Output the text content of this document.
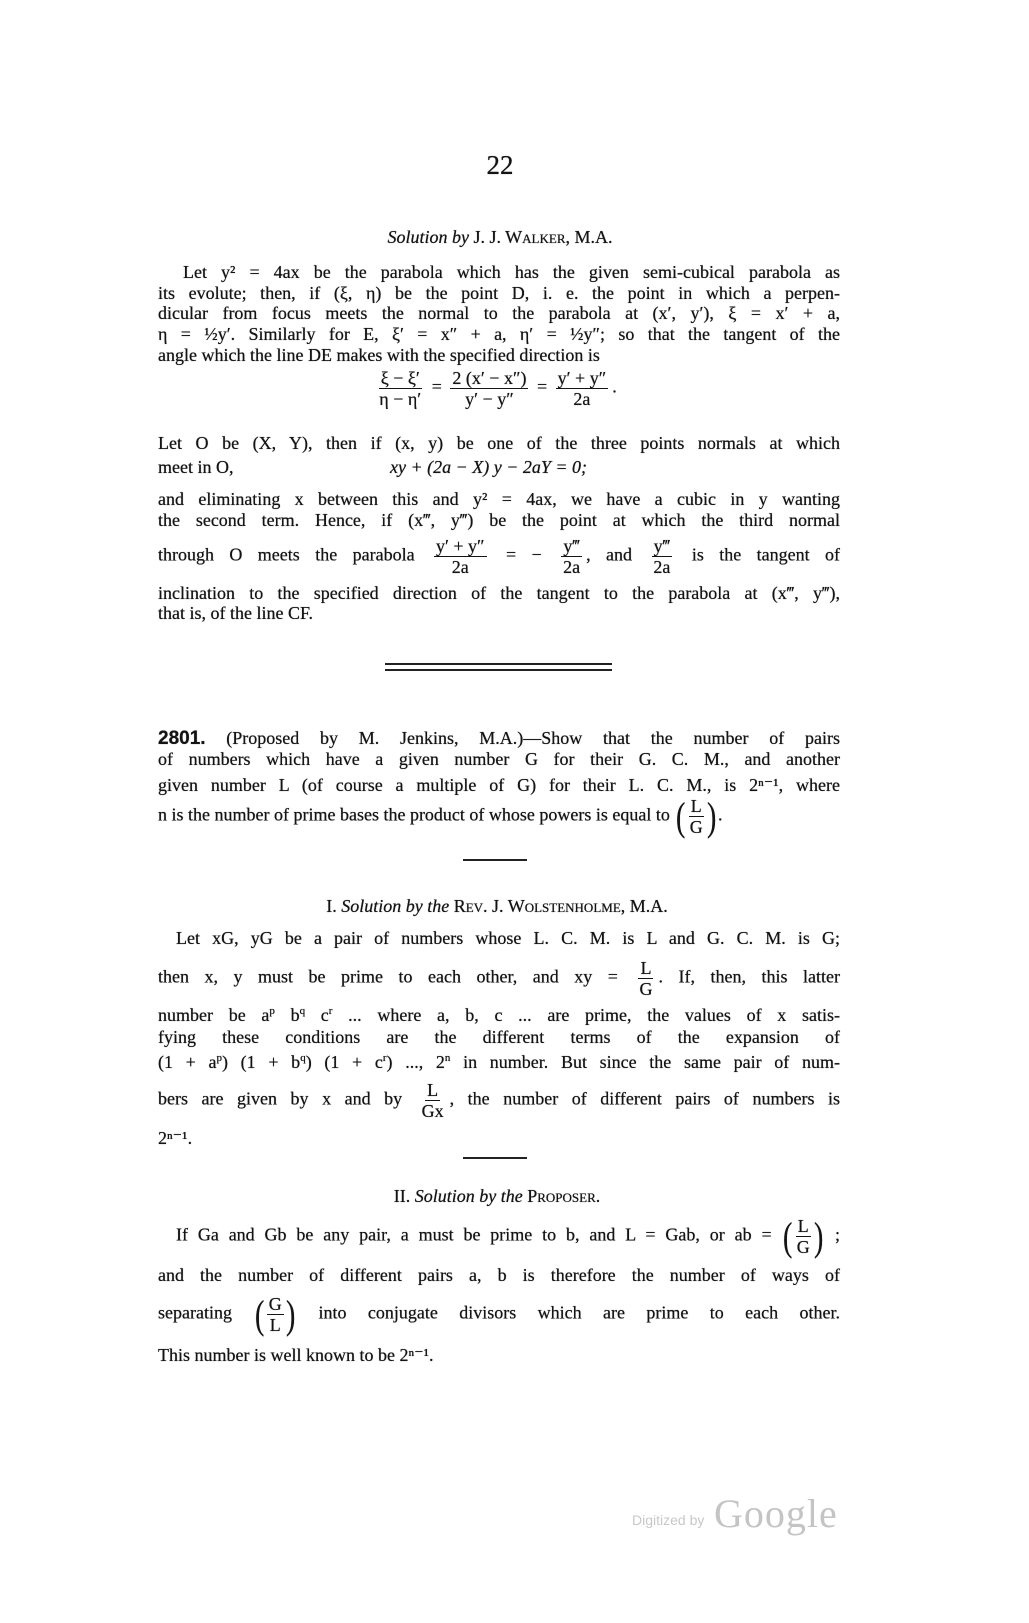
22
Solution by J. J. Walker, M.A.
Let y² = 4ax be the parabola which has the given semi-cubical parabola as
its evolute; then, if (ξ, η) be the point D, i. e. the point in which a perpen-
dicular from focus meets the normal to the parabola at (x′, y′), ξ = x′ + a,
η = ½y′. Similarly for E, ξ′ = x″ + a, η′ = ½y″; so that the tangent of the
angle which the line DE makes with the specified direction is
$\frac{\xi - \xi'}{\eta - \eta'} = \frac{2 (x' - x'')}{y' - y''} = \frac{y' + y''}{2a}$ .
Let O be (X, Y), then if (x, y) be one of the three points normals at which
meet in O,	xy + (2a − X) y − 2aY = 0;
and eliminating x between this and y² = 4ax, we have a cubic in y wanting
the second term. Hence, if (x‴, y‴) be the point at which the third normal
through O meets the parabola $\frac{y' + y''}{2a}$ = − $\frac{y‴}{2a}$ , and $\frac{y‴}{2a}$ is the tangent of
inclination to the specified direction of the tangent to the parabola at (x‴, y‴),
that is, of the line CF.
2801. (Proposed by M. Jenkins, M.A.)—Show that the number of pairs
of numbers which have a given number G for their G. C. M., and another
given number L (of course a multiple of G) for their L. C. M., is 2ⁿ⁻¹, where
n is the number of prime bases the product of whose powers is equal to ( $\frac{L}{G}$ ) .
I. Solution by the Rev. J. Wolstenholme, M.A.
Let xG, yG be a pair of numbers whose L. C. M. is L and G. C. M. is G;
then x, y must be prime to each other, and xy = $\frac{L}{G}$ . If, then, this latter
number be $a^p$ $b^q$ $c^r$ ... where a, b, c ... are prime, the values of x satis-
fying these conditions are the different terms of the expansion of
$(1 + a^p)$ $(1 + b^q)$ $(1 + c^r)$ ..., 2$^n$ in number. But since the same pair of num-
bers are given by x and by $\frac{L}{Gx}$ , the number of different pairs of numbers is
2ⁿ⁻¹.
II. Solution by the Proposer.
If Ga and Gb be any pair, a must be prime to b, and L = Gab, or ab = ( $\frac{L}{G}$ ) ;
and the number of different pairs a, b is therefore the number of ways of
separating ( $\frac{G}{L}$ ) into conjugate divisors which are prime to each other.
This number is well known to be 2ⁿ⁻¹.
Digitized by Google
